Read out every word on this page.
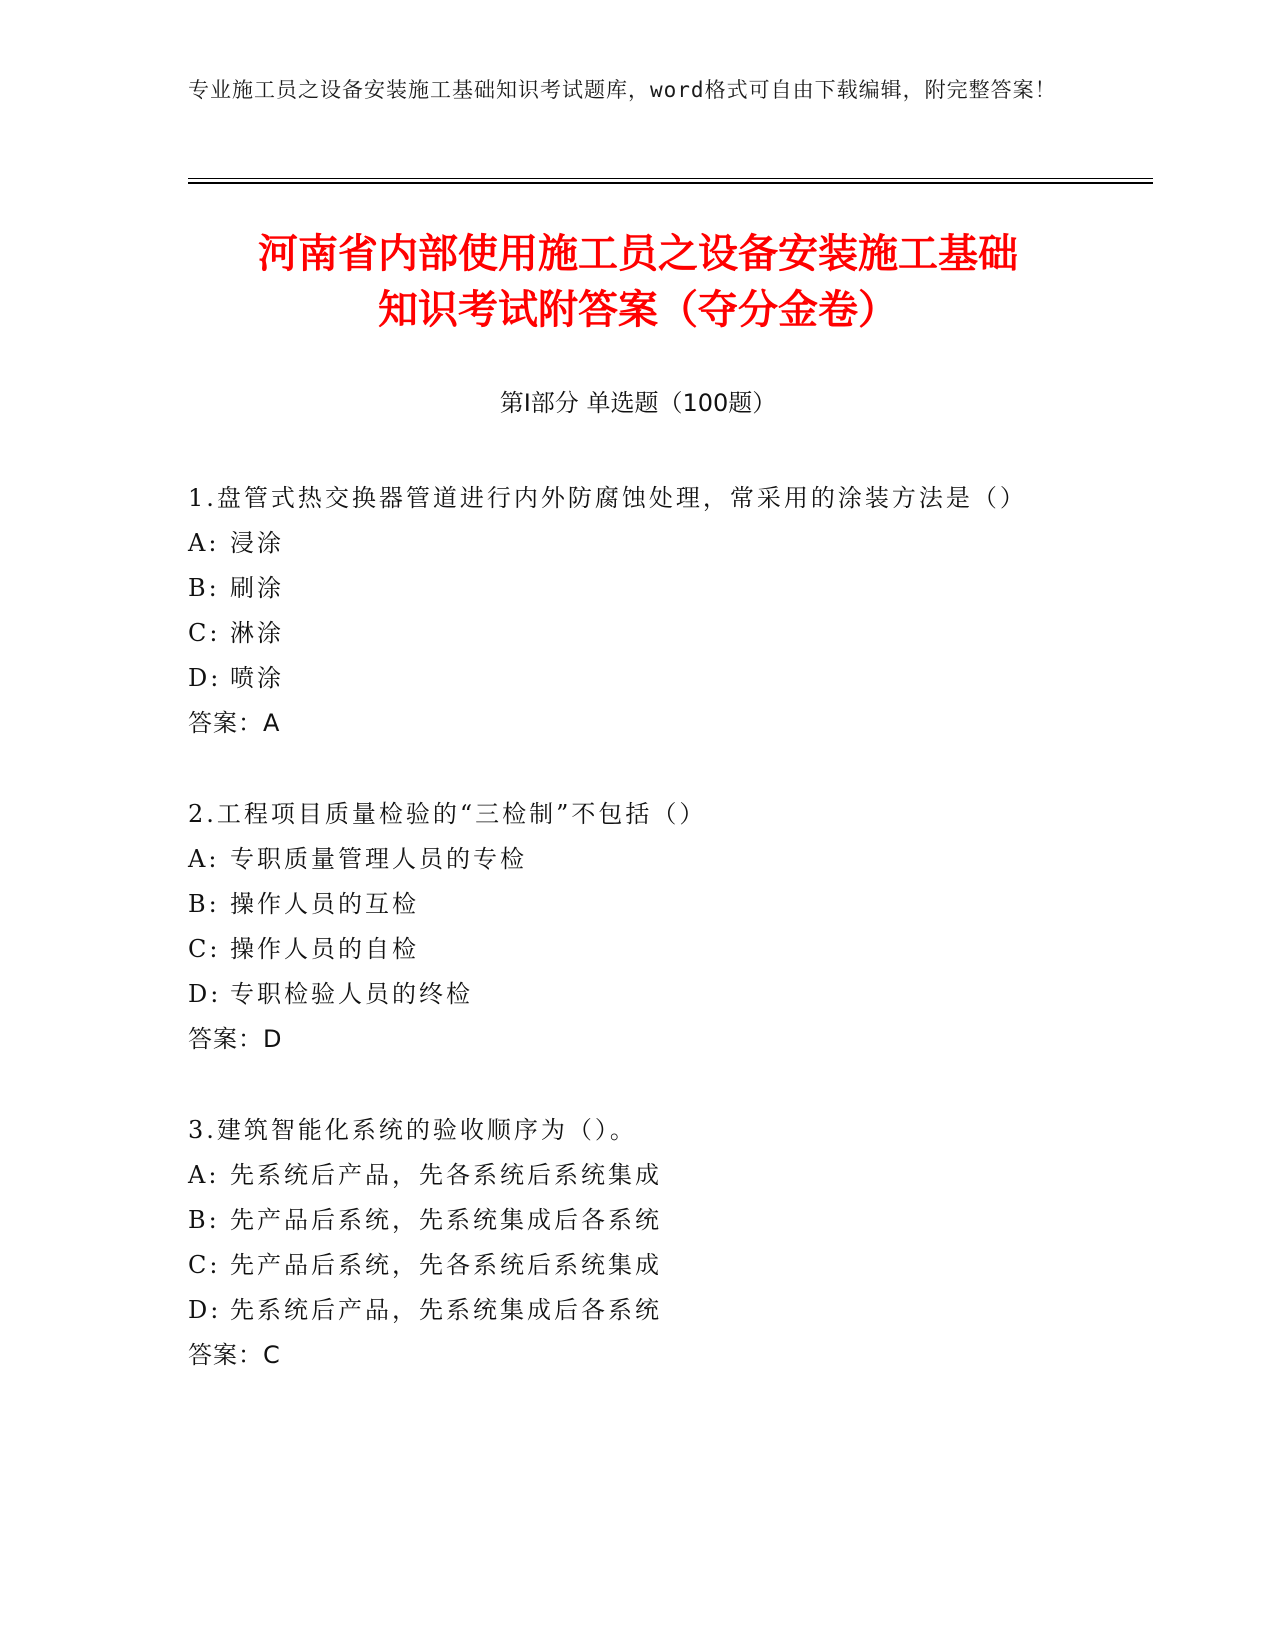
专业施工员之设备安装施工基础知识考试题库，word格式可自由下载编辑，附完整答案！
河南省内部使用施工员之设备安装施工基础
知识考试附答案（夺分金卷）
第Ⅰ部分 单选题（100题）

1.盘管式热交换器管道进行内外防腐蚀处理，常采用的涂装方法是（）

A: 浸涂

B: 刷涂

C: 淋涂

D: 喷涂

答案：A

2.工程项目质量检验的“三检制”不包括（）

A: 专职质量管理人员的专检

B: 操作人员的互检

C: 操作人员的自检

D: 专职检验人员的终检

答案：D

3.建筑智能化系统的验收顺序为（）。

A: 先系统后产品，先各系统后系统集成

B: 先产品后系统，先系统集成后各系统

C: 先产品后系统，先各系统后系统集成

D: 先系统后产品，先系统集成后各系统

答案：C
